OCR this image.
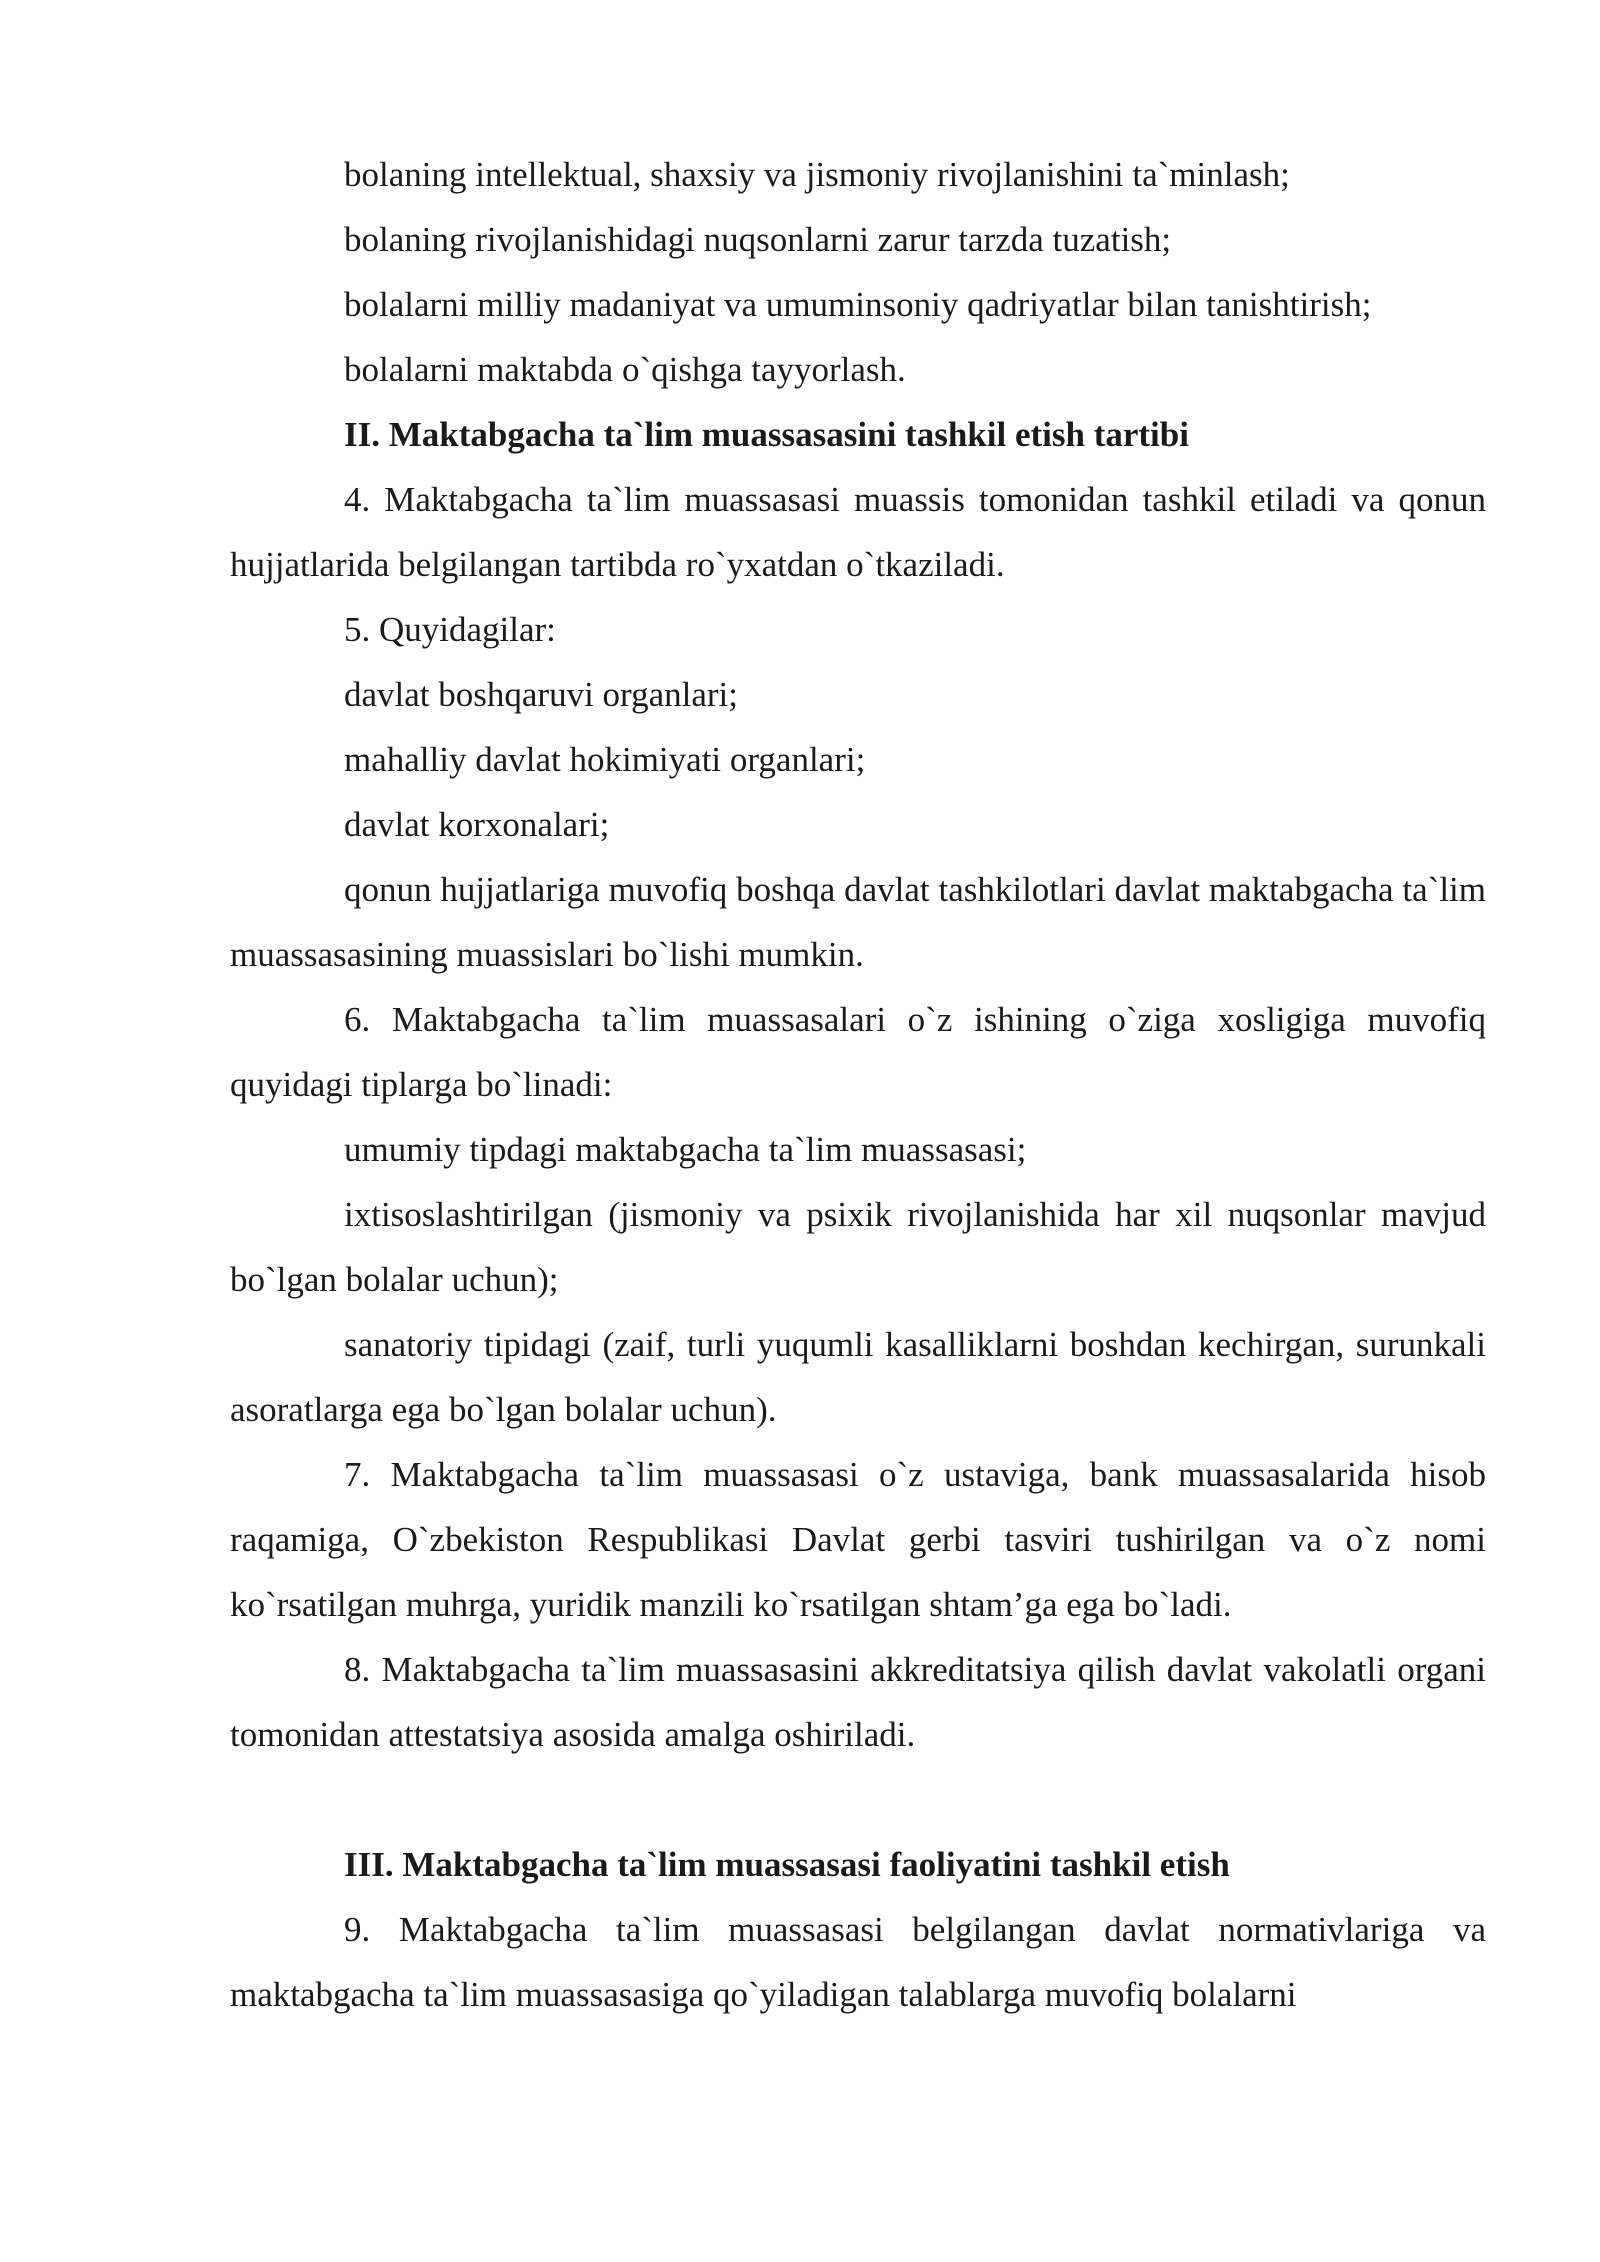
bolaning intellektual, shaxsiy va jismoniy rivojlanishini ta`minlash;

bolaning rivojlanishidagi nuqsonlarni zarur tarzda tuzatish;

bolalarni milliy madaniyat va umuminsoniy qadriyatlar bilan tanishtirish;

bolalarni maktabda o`qishga tayyorlash.

II. Maktabgacha ta`lim muassasasini tashkil etish tartibi

4. Maktabgacha ta`lim muassasasi muassis tomonidan tashkil etiladi va qonun hujjatlarida belgilangan tartibda ro`yxatdan o`tkaziladi.

5. Quyidagilar:

davlat boshqaruvi organlari;

mahalliy davlat hokimiyati organlari;

davlat korxonalari;

qonun hujjatlariga muvofiq boshqa davlat tashkilotlari davlat maktabgacha ta`lim muassasasining muassislari bo`lishi mumkin.

6. Maktabgacha ta`lim muassasalari o`z ishining o`ziga xosligiga muvofiq quyidagi tiplarga bo`linadi:

umumiy tipdagi maktabgacha ta`lim muassasasi;

ixtisoslashtirilgan (jismoniy va psixik rivojlanishida har xil nuqsonlar mavjud bo`lgan bolalar uchun);

sanatoriy tipidagi (zaif, turli yuqumli kasalliklarni boshdan kechirgan, surunkali asoratlarga ega bo`lgan bolalar uchun).

7. Maktabgacha ta`lim muassasasi o`z ustaviga, bank muassasalarida hisob raqamiga, O`zbekiston Respublikasi Davlat gerbi tasviri tushirilgan va o`z nomi ko`rsatilgan muhrga, yuridik manzili ko`rsatilgan shtam’ga ega bo`ladi.

8. Maktabgacha ta`lim muassasasini akkreditatsiya qilish davlat vakolatli organi tomonidan attestatsiya asosida amalga oshiriladi.

III. Maktabgacha ta`lim muassasasi faoliyatini tashkil etish

9. Maktabgacha ta`lim muassasasi belgilangan davlat normativlariga va maktabgacha ta`lim muassasasiga qo`yiladigan talablarga muvofiq bolalarni
